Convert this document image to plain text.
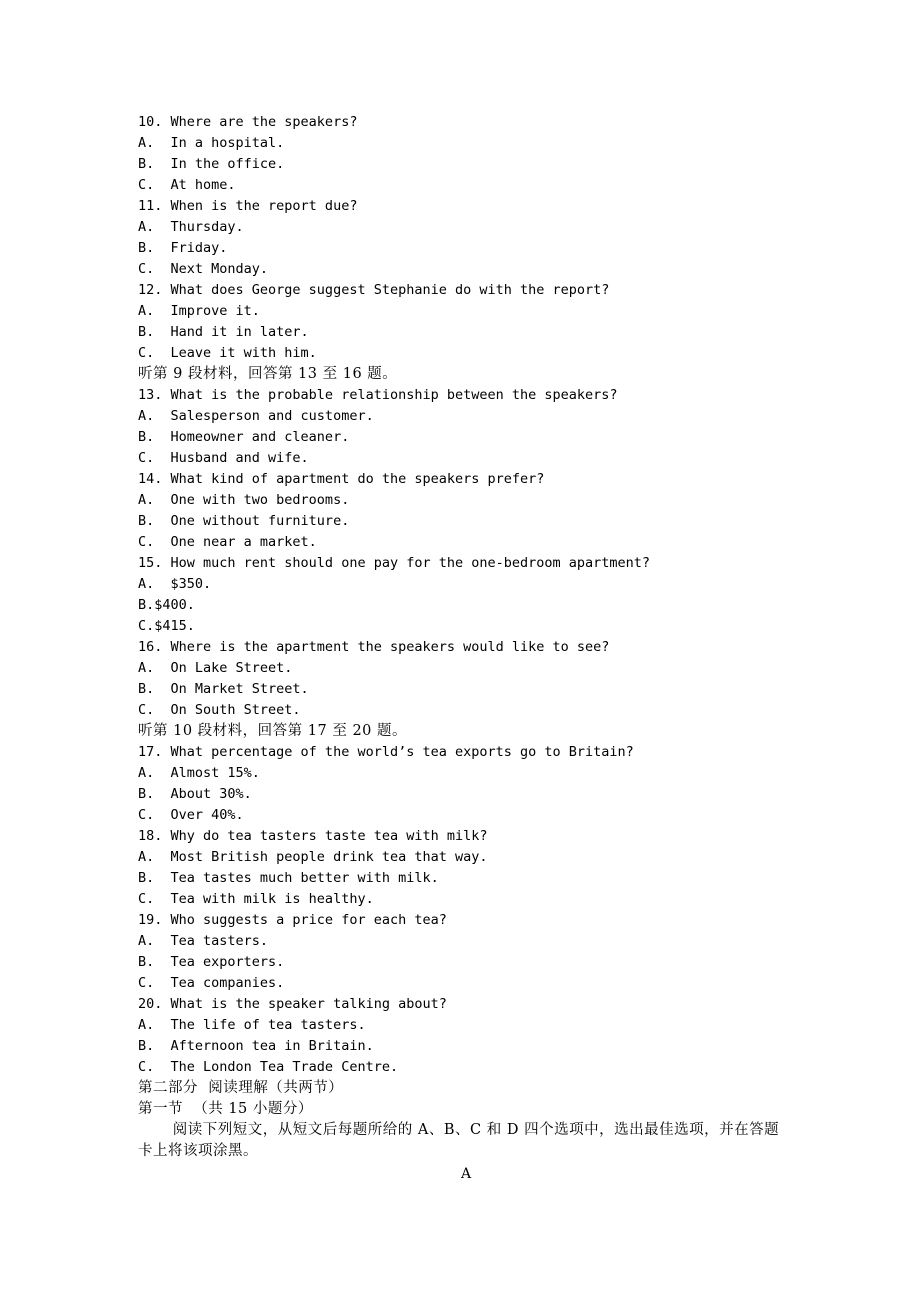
10. Where are the speakers?
A.  In a hospital.
B.  In the office.
C.  At home.
11. When is the report due?
A.  Thursday.
B.  Friday.
C.  Next Monday.
12. What does George suggest Stephanie do with the report?
A.  Improve it.
B.  Hand it in later.
C.  Leave it with him.
听第 9 段材料，回答第 13 至 16 题。
13. What is the probable relationship between the speakers?
A.  Salesperson and customer.
B.  Homeowner and cleaner.
C.  Husband and wife.
14. What kind of apartment do the speakers prefer?
A.  One with two bedrooms.
B.  One without furniture.
C.  One near a market.
15. How much rent should one pay for the one-bedroom apartment?
A.  $350.
B.$400.
C.$415.
16. Where is the apartment the speakers would like to see?
A.  On Lake Street.
B.  On Market Street.
C.  On South Street.
听第 10 段材料，回答第 17 至 20 题。
17. What percentage of the world’s tea exports go to Britain?
A.  Almost 15%.
B.  About 30%.
C.  Over 40%.
18. Why do tea tasters taste tea with milk?
A.  Most British people drink tea that way.
B.  Tea tastes much better with milk.
C.  Tea with milk is healthy.
19. Who suggests a price for each tea?
A.  Tea tasters.
B.  Tea exporters.
C.  Tea companies.
20. What is the speaker talking about?
A.  The life of tea tasters.
B.  Afternoon tea in Britain.
C.  The London Tea Trade Centre.
第二部分  阅读理解（共两节）
第一节  （共 15 小题分）
阅读下列短文，从短文后每题所给的 A、B、C 和 D 四个选项中，选出最佳选项，并在答题卡上将该项涂黑。
A
